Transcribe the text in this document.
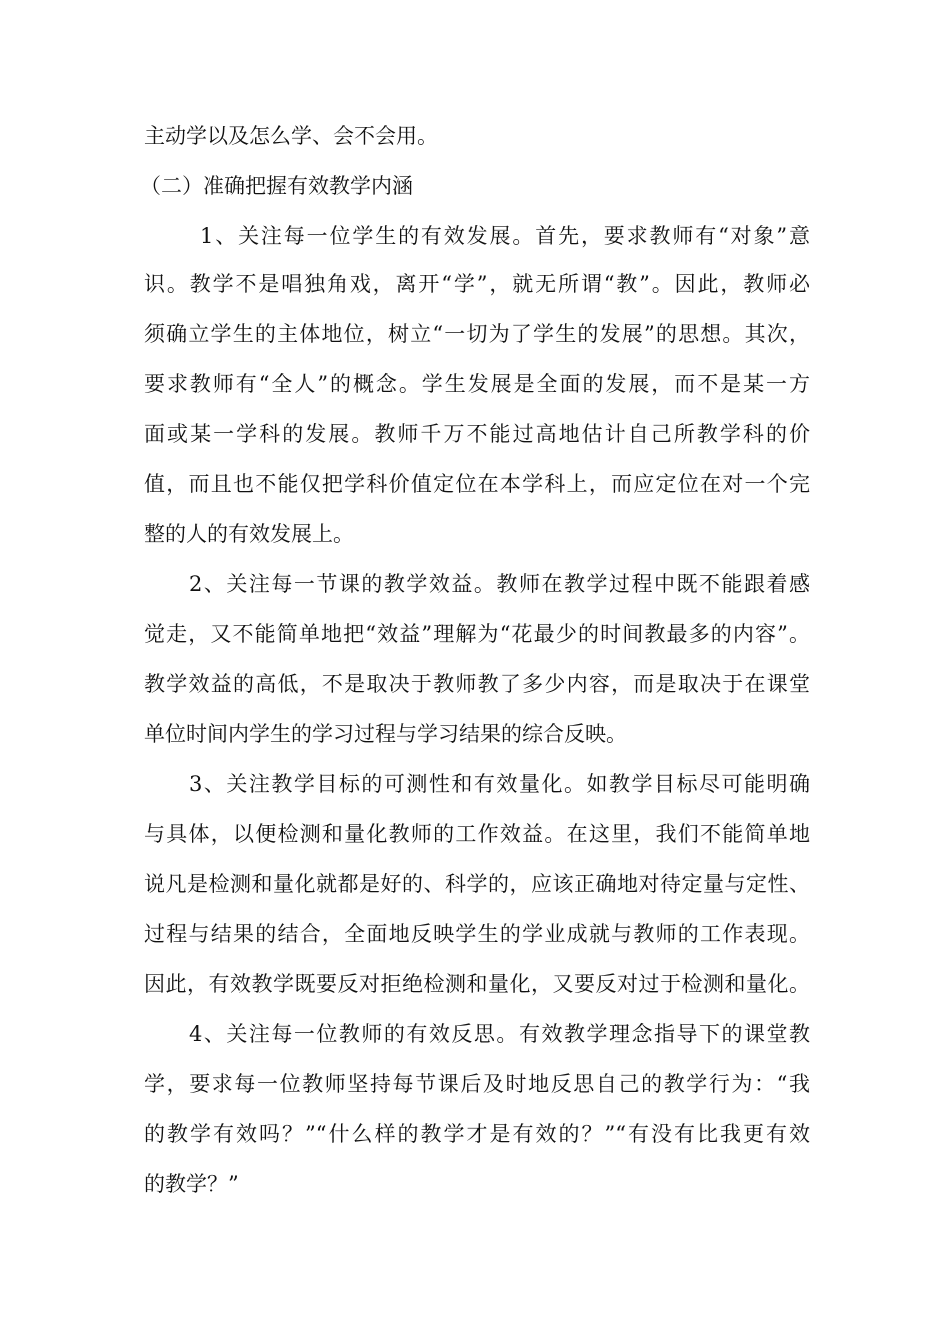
主动学以及怎么学、会不会用。
（二）准确把握有效教学内涵
1、关注每一位学生的有效发展。首先，要求教师有“对象”意
识。教学不是唱独角戏，离开“学”，就无所谓“教”。因此，教师必
须确立学生的主体地位，树立“一切为了学生的发展”的思想。其次，
要求教师有“全人”的概念。学生发展是全面的发展，而不是某一方
面或某一学科的发展。教师千万不能过高地估计自己所教学科的价
值，而且也不能仅把学科价值定位在本学科上，而应定位在对一个完
整的人的有效发展上。
2、关注每一节课的教学效益。教师在教学过程中既不能跟着感
觉走，又不能简单地把“效益”理解为“花最少的时间教最多的内容”。
教学效益的高低，不是取决于教师教了多少内容，而是取决于在课堂
单位时间内学生的学习过程与学习结果的综合反映。
3、关注教学目标的可测性和有效量化。如教学目标尽可能明确
与具体，以便检测和量化教师的工作效益。在这里，我们不能简单地
说凡是检测和量化就都是好的、科学的，应该正确地对待定量与定性、
过程与结果的结合，全面地反映学生的学业成就与教师的工作表现。
因此，有效教学既要反对拒绝检测和量化，又要反对过于检测和量化。
4、关注每一位教师的有效反思。有效教学理念指导下的课堂教
学，要求每一位教师坚持每节课后及时地反思自己的教学行为：“我
的教学有效吗？”“什么样的教学才是有效的？”“有没有比我更有效
的教学？”
